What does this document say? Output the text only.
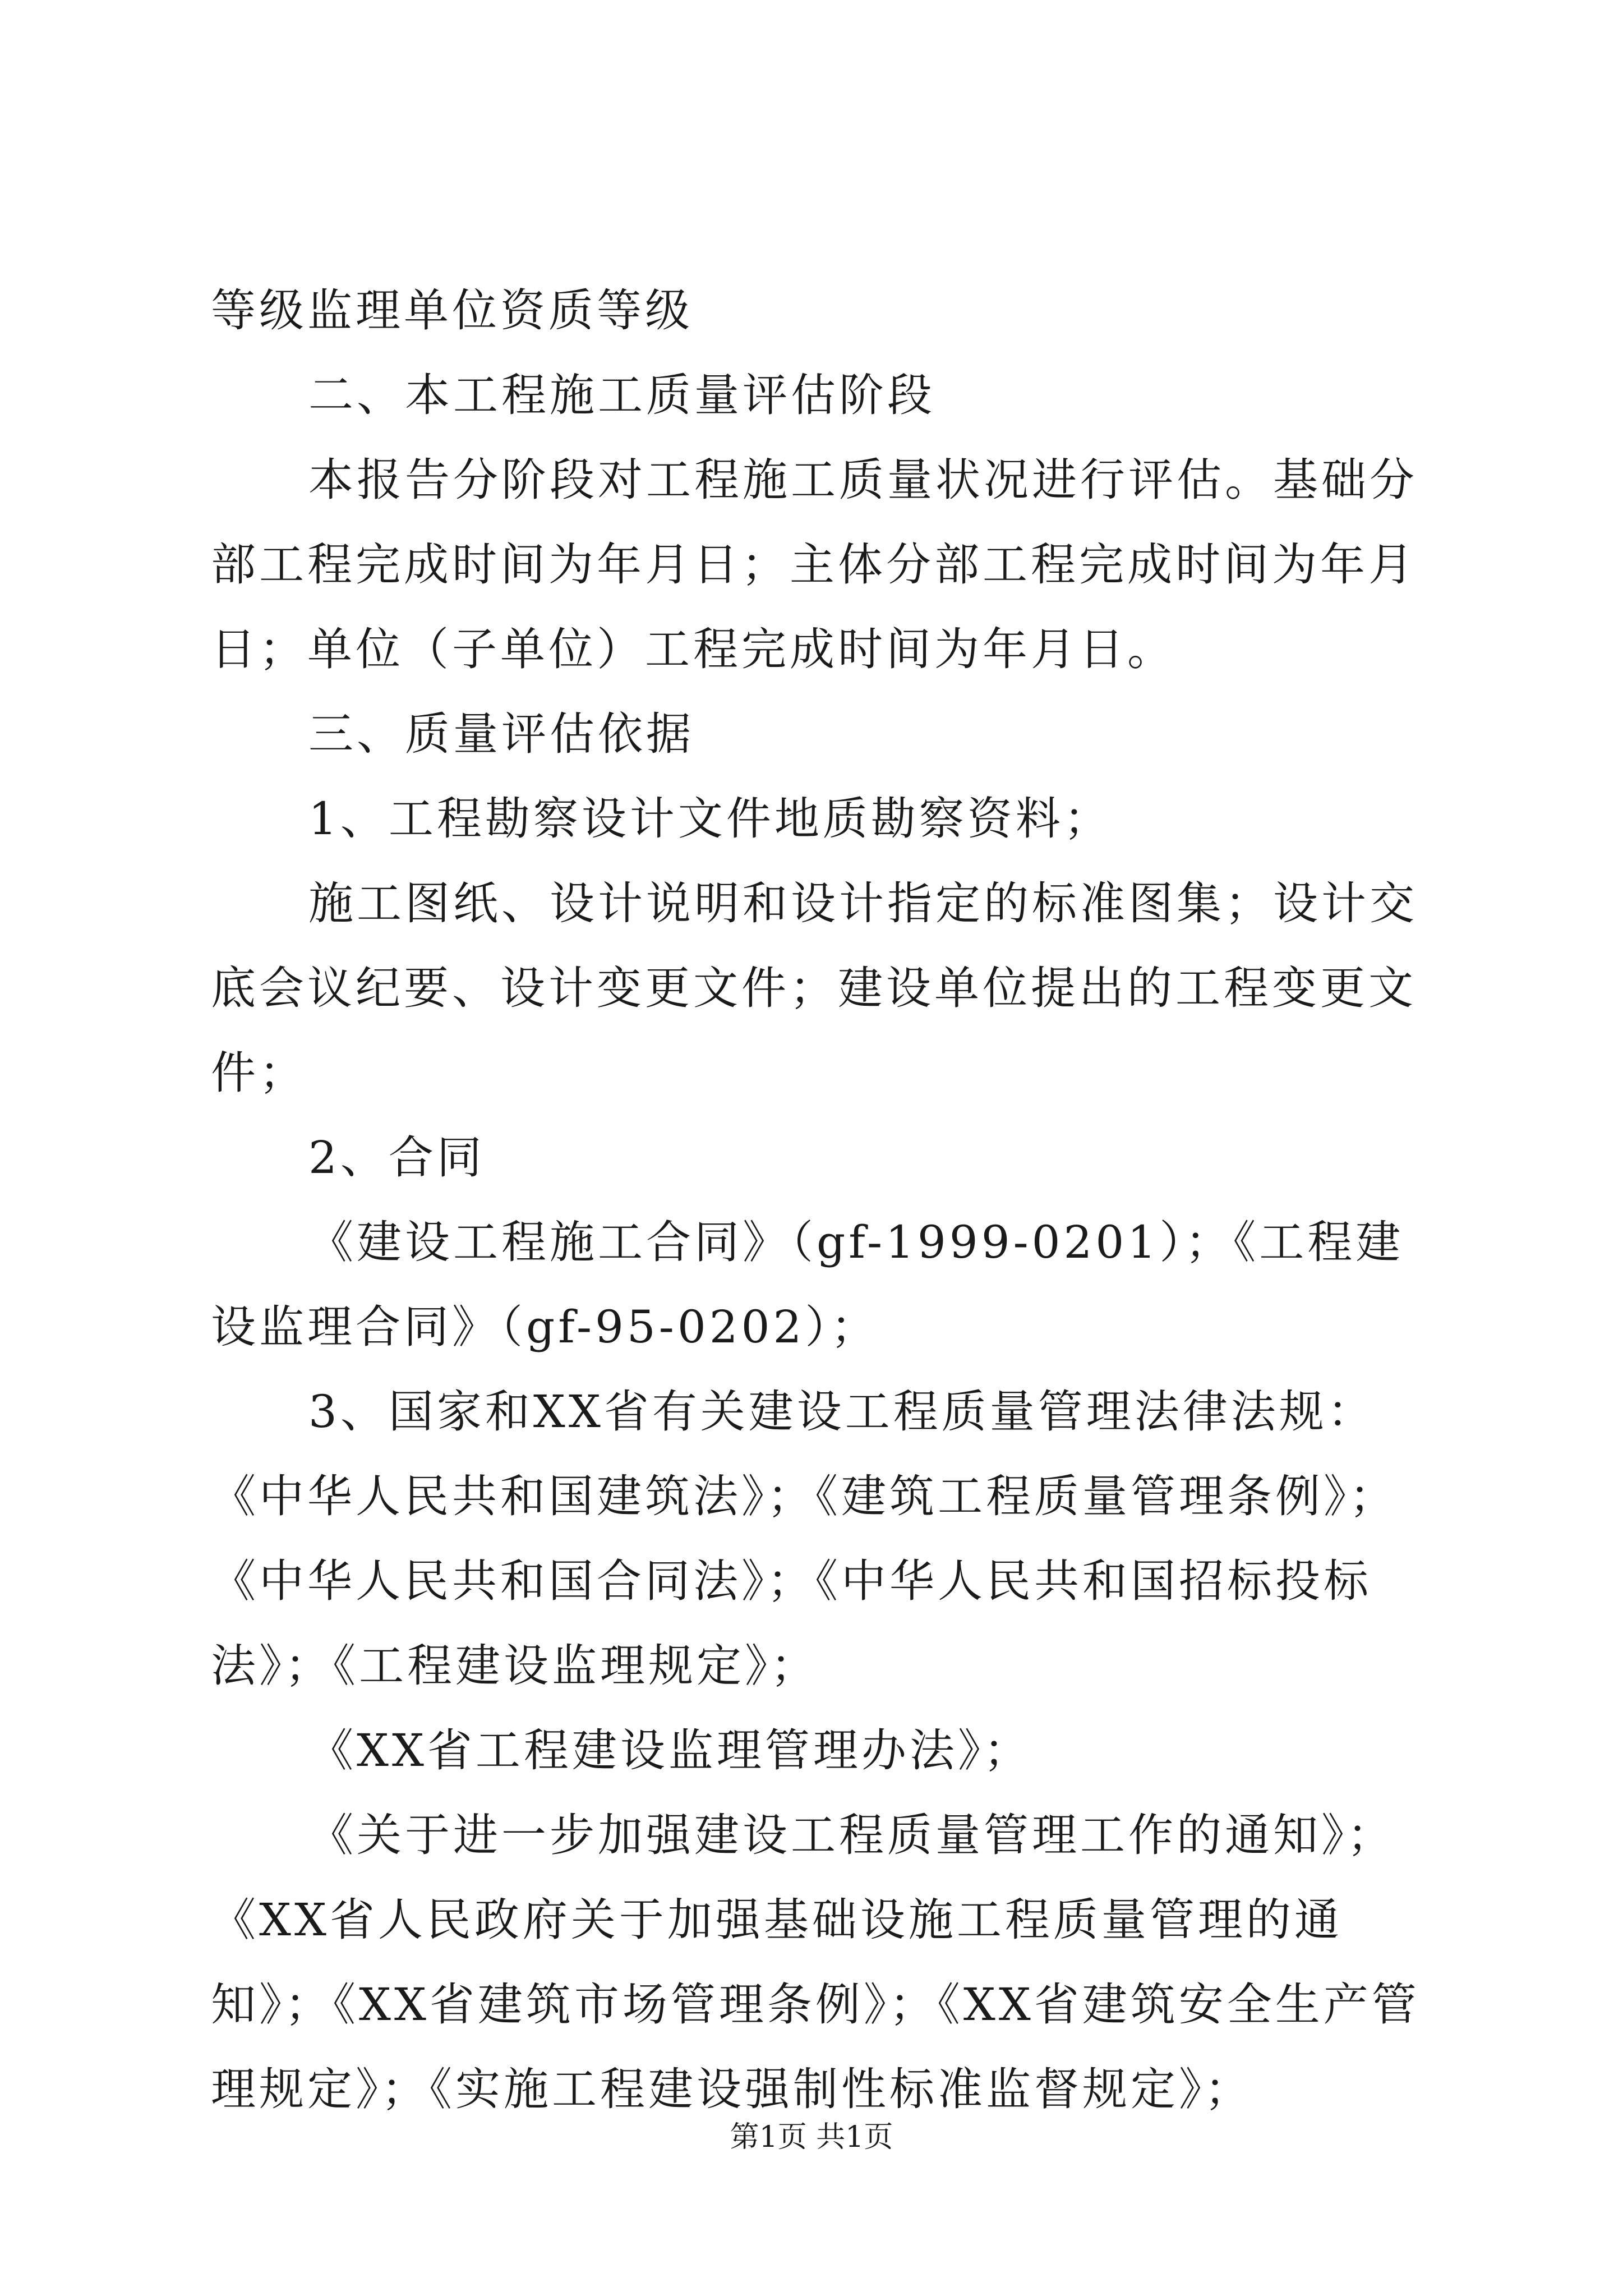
等级监理单位资质等级

二、本工程施工质量评估阶段

本报告分阶段对工程施工质量状况进行评估。基础分部工程完成时间为年月日；主体分部工程完成时间为年月日；单位（子单位）工程完成时间为年月日。

三、质量评估依据

1、工程勘察设计文件地质勘察资料；

施工图纸、设计说明和设计指定的标准图集；设计交底会议纪要、设计变更文件；建设单位提出的工程变更文件；

2、合同

《建设工程施工合同》（gf-1999-0201）；《工程建设监理合同》（gf-95-0202）；

3、国家和XX省有关建设工程质量管理法律法规：《中华人民共和国建筑法》；《建筑工程质量管理条例》；《中华人民共和国合同法》；《中华人民共和国招标投标法》；《工程建设监理规定》；

《XX省工程建设监理管理办法》；

《关于进一步加强建设工程质量管理工作的通知》；《XX省人民政府关于加强基础设施工程质量管理的通知》；《XX省建筑市场管理条例》；《XX省建筑安全生产管理规定》；《实施工程建设强制性标准监督规定》；

第1页 共1页
